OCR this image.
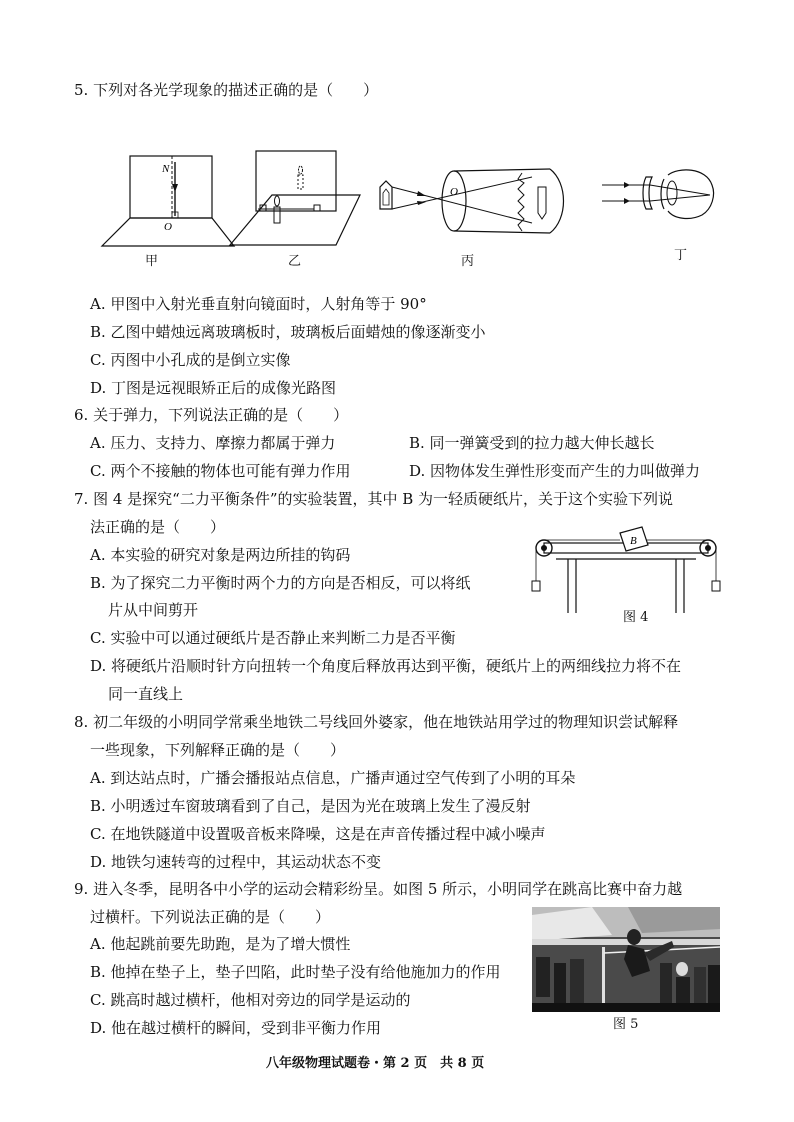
5. 下列对各光学现象的描述正确的是（　　）
N
O
甲	乙
O
丙	丁
A. 甲图中入射光垂直射向镜面时，人射角等于 90°
B. 乙图中蜡烛远离玻璃板时，玻璃板后面蜡烛的像逐渐变小
C. 丙图中小孔成的是倒立实像
D. 丁图是远视眼矫正后的成像光路图
6. 关于弹力，下列说法正确的是（　　）
A. 压力、支持力、摩擦力都属于弹力	B. 同一弹簧受到的拉力越大伸长越长
C. 两个不接触的物体也可能有弹力作用	D. 因物体发生弹性形变而产生的力叫做弹力
7. 图 4 是探究“二力平衡条件”的实验装置，其中 B 为一轻质硬纸片，关于这个实验下列说
法正确的是（　　）
A. 本实验的研究对象是两边所挂的钩码
B. 为了探究二力平衡时两个力的方向是否相反，可以将纸
片从中间剪开
C. 实验中可以通过硬纸片是否静止来判断二力是否平衡
D. 将硬纸片沿顺时针方向扭转一个角度后释放再达到平衡，硬纸片上的两细线拉力将不在
同一直线上
B
图 4
8. 初二年级的小明同学常乘坐地铁二号线回外婆家，他在地铁站用学过的物理知识尝试解释
一些现象，下列解释正确的是（　　）
A. 到达站点时，广播会播报站点信息，广播声通过空气传到了小明的耳朵
B. 小明透过车窗玻璃看到了自己，是因为光在玻璃上发生了漫反射
C. 在地铁隧道中设置吸音板来降噪，这是在声音传播过程中减小噪声
D. 地铁匀速转弯的过程中，其运动状态不变
9. 进入冬季，昆明各中小学的运动会精彩纷呈。如图 5 所示，小明同学在跳高比赛中奋力越
过横杆。下列说法正确的是（　　）
A. 他起跳前要先助跑，是为了增大惯性
B. 他掉在垫子上，垫子凹陷，此时垫子没有给他施加力的作用
C. 跳高时越过横杆，他相对旁边的同学是运动的
D. 他在越过横杆的瞬间，受到非平衡力作用	图 5
八年级物理试题卷・第 2 页　共 8 页
